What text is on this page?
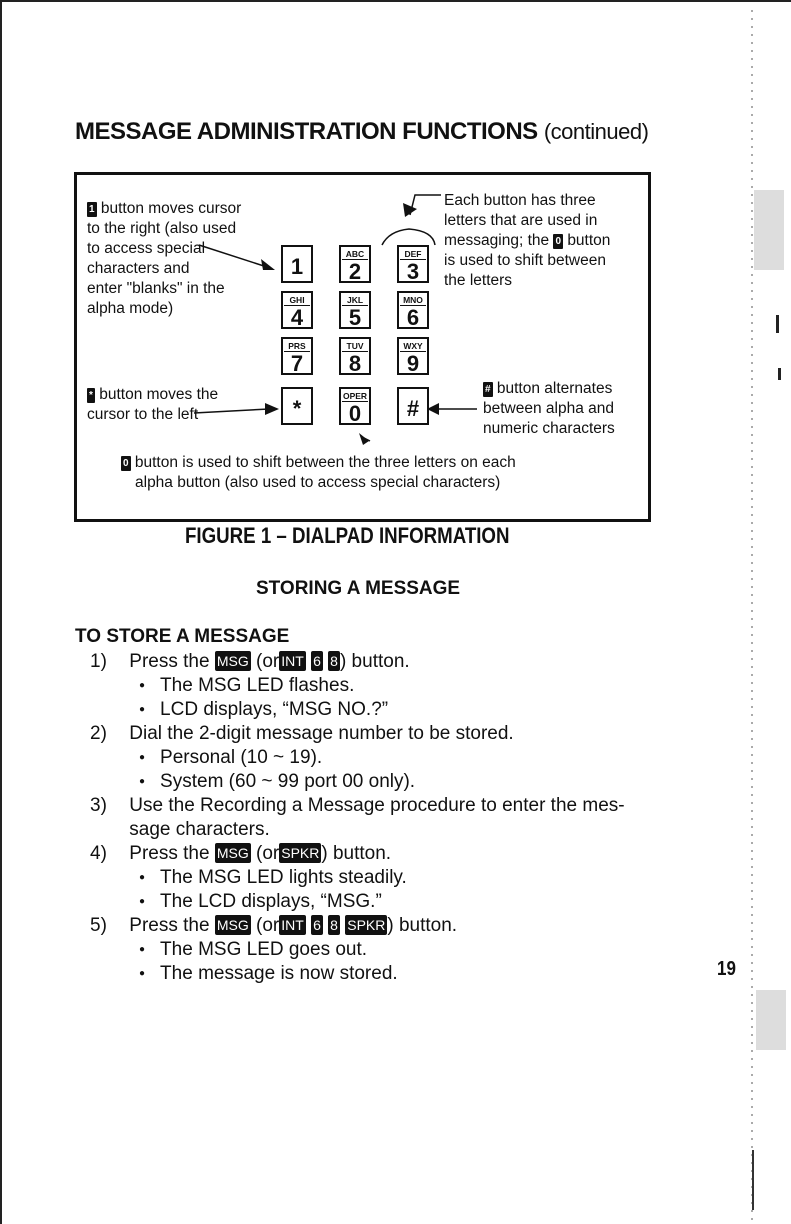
MESSAGE ADMINISTRATION FUNCTIONS (continued)
1 button moves cursor
to the right (also used
to access special
characters and
enter "blanks" in the
alpha mode)
Each button has three
letters that are used in
messaging; the 0 button
is used to shift between
the letters
* button moves the
cursor to the left
# button alternates
between alpha and
numeric characters
0 button is used to shift between the three letters on each
alpha button (also used to access special characters)
1	ABC
2
DEF
3
GHI
4
JKL
5
MNO
6
PRS
7
TUV
8
WXY
9
*	OPER
0	#
FIGURE 1 – DIALPAD INFORMATION
STORING A MESSAGE
TO STORE A MESSAGE
1) Press the MSG (or INT 6 8 ) button.
● The MSG LED flashes.
● LCD displays, “MSG NO.?”
2) Dial the 2-digit message number to be stored.
● Personal (10 ~ 19).
● System (60 ~ 99 port 00 only).
3) Use the Recording a Message procedure to enter the mes-
sage characters.
4) Press the MSG (or SPKR ) button.
● The MSG LED lights steadily.
● The LCD displays, “MSG.”
5) Press the MSG (or INT 6 8 SPKR ) button.
● The MSG LED goes out.
● The message is now stored.	19
